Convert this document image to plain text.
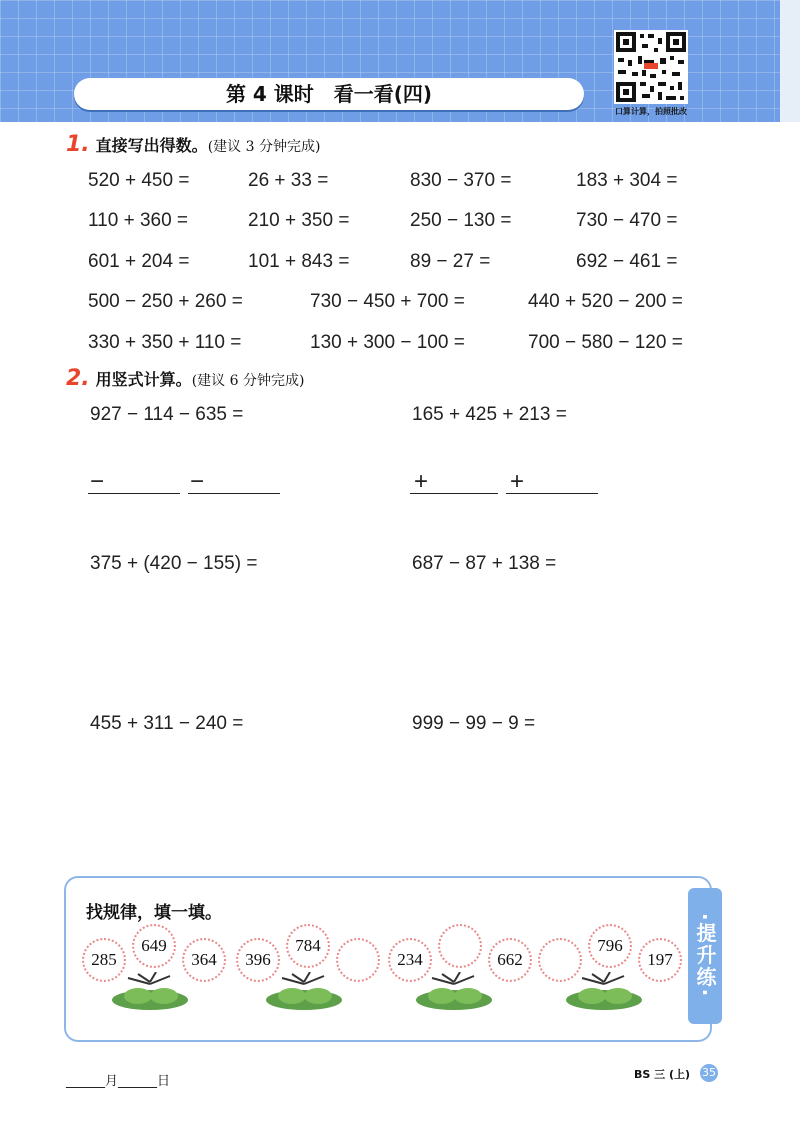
第 4 课时　看一看(四)
口算计算，拍照批改
1. 直接写出得数。(建议 3 分钟完成)
520 + 450 =	26 + 33 =	830 − 370 =	183 + 304 =
110 + 360 =	210 + 350 =	250 − 130 =	730 − 470 =
601 + 204 =	101 + 843 =	89 − 27 =	692 − 461 =
500 − 250 + 260 =	730 − 450 + 700 =	440 + 520 − 200 =
330 + 350 + 110 =	130 + 300 − 100 =	700 − 580 − 120 =
2. 用竖式计算。(建议 6 分钟完成)
927 − 114 − 635 =	165 + 425 + 213 =
−	−	+	+
375 + (420 − 155) =	687 − 87 + 138 =
455 + 311 − 240 =	999 − 99 − 9 =
·提升练·
找规律，填一填。
285
649
364	396
784
234	662
796
197
______月______日	BS 三 (上) 35
